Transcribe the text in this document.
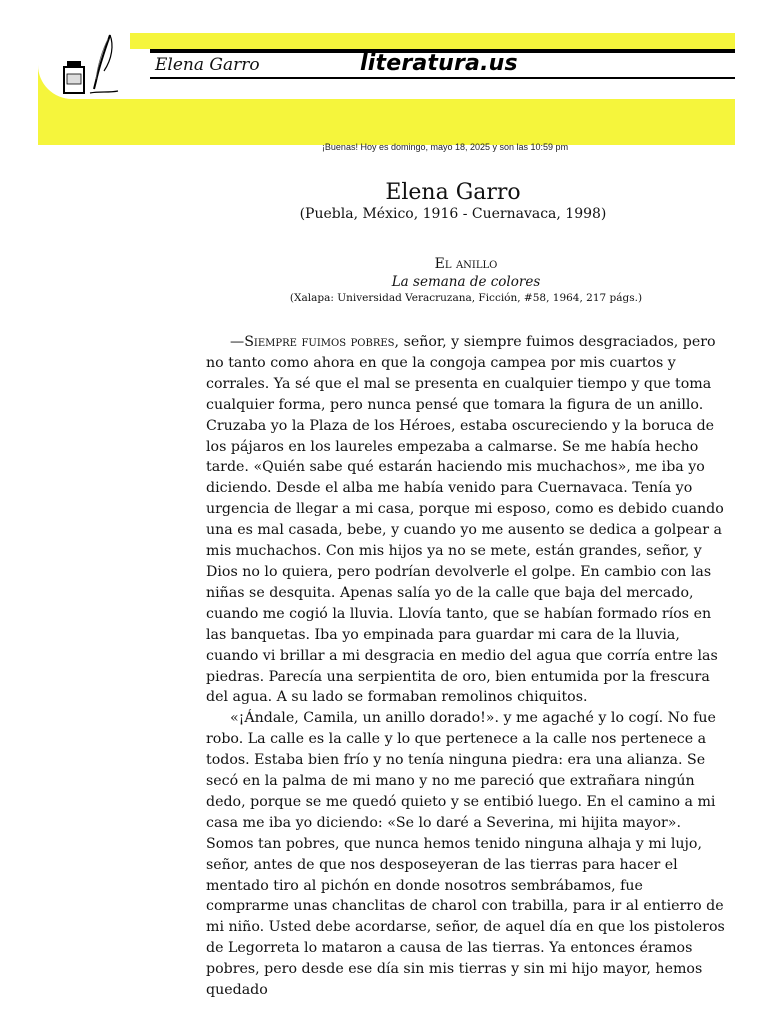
Elena Garro	literatura.us
¡Buenas! Hoy es domingo, mayo 18, 2025 y son las 10:59 pm
Elena Garro
(Puebla, México, 1916 - Cuernavaca, 1998)
El anillo
La semana de colores
(Xalapa: Universidad Veracruzana, Ficción, #58, 1964, 217 págs.)

—Siempre fuimos pobres, señor, y siempre fuimos desgraciados, pero no tanto como ahora en que la congoja campea por mis cuartos y corrales. Ya sé que el mal se presenta en cualquier tiempo y que toma cualquier forma, pero nunca pensé que tomara la figura de un anillo. Cruzaba yo la Plaza de los Héroes, estaba oscureciendo y la boruca de los pájaros en los laureles empezaba a calmarse. Se me había hecho tarde. «Quién sabe qué estarán haciendo mis muchachos», me iba yo diciendo. Desde el alba me había venido para Cuernavaca. Tenía yo urgencia de llegar a mi casa, porque mi esposo, como es debido cuando una es mal casada, bebe, y cuando yo me ausento se dedica a golpear a mis muchachos. Con mis hijos ya no se mete, están grandes, señor, y Dios no lo quiera, pero podrían devolverle el golpe. En cambio con las niñas se desquita. Apenas salía yo de la calle que baja del mercado, cuando me cogió la lluvia. Llovía tanto, que se habían formado ríos en las banquetas. Iba yo empinada para guardar mi cara de la lluvia, cuando vi brillar a mi desgracia en medio del agua que corría entre las piedras. Parecía una serpientita de oro, bien entumida por la frescura del agua. A su lado se formaban remolinos chiquitos.

«¡Ándale, Camila, un anillo dorado!». y me agaché y lo cogí. No fue robo. La calle es la calle y lo que pertenece a la calle nos pertenece a todos. Estaba bien frío y no tenía ninguna piedra: era una alianza. Se secó en la palma de mi mano y no me pareció que extrañara ningún dedo, porque se me quedó quieto y se entibió luego. En el camino a mi casa me iba yo diciendo: «Se lo daré a Severina, mi hijita mayor». Somos tan pobres, que nunca hemos tenido ninguna alhaja y mi lujo, señor, antes de que nos desposeyeran de las tierras para hacer el mentado tiro al pichón en donde nosotros sembrábamos, fue comprarme unas chanclitas de charol con trabilla, para ir al entierro de mi niño. Usted debe acordarse, señor, de aquel día en que los pistoleros de Legorreta lo mataron a causa de las tierras. Ya entonces éramos pobres, pero desde ese día sin mis tierras y sin mi hijo mayor, hemos quedado
